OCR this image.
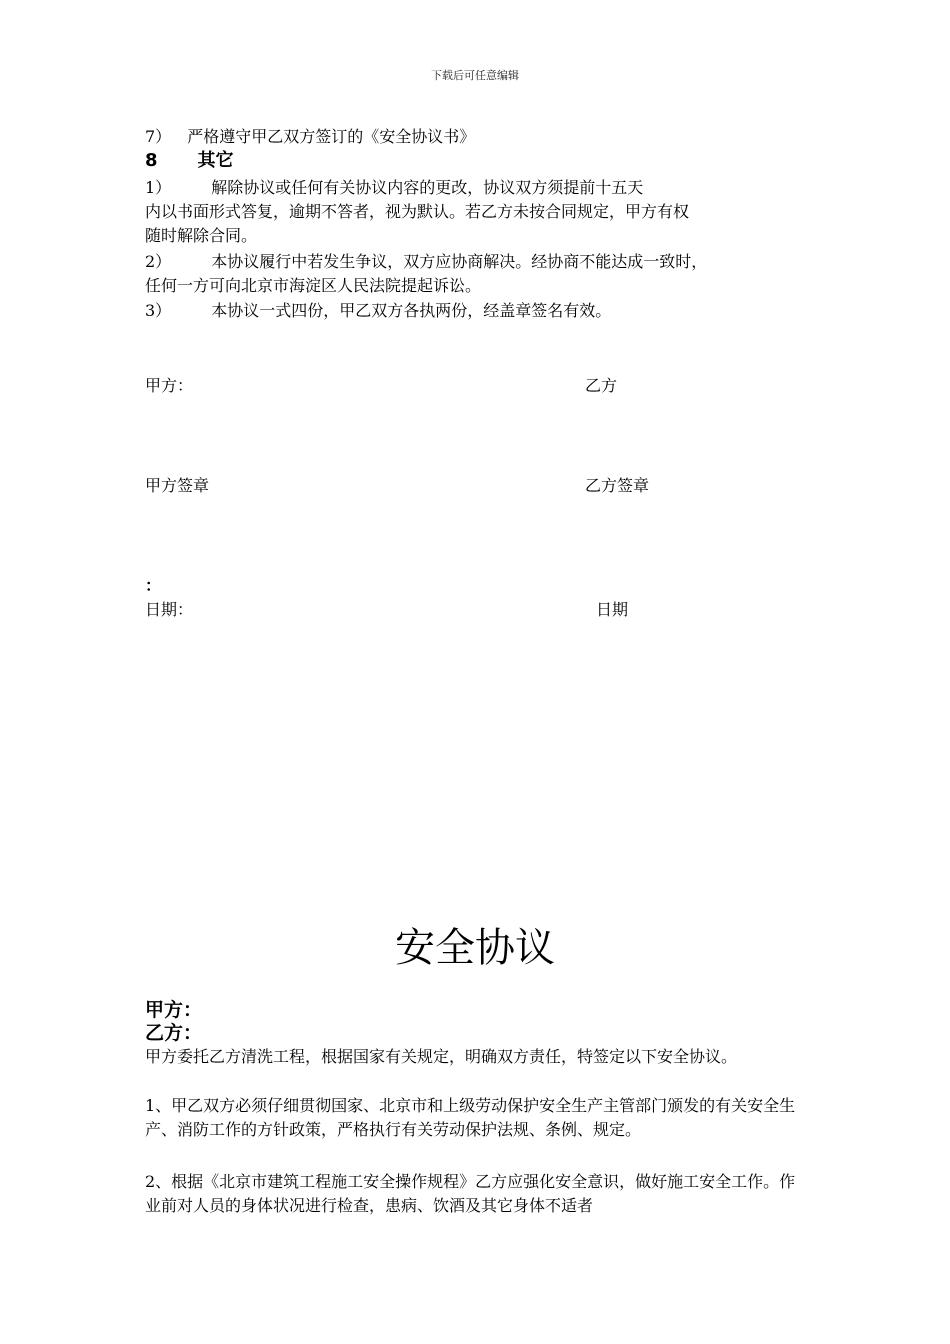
下载后可任意编辑
7） 严格遵守甲乙双方签订的《安全协议书》
8 其它
1）	解除协议或任何有关协议内容的更改，协议双方须提前十五天
内以书面形式答复，逾期不答者，视为默认。若乙方未按合同规定，甲方有权
随时解除合同。
2）	本协议履行中若发生争议，双方应协商解决。经协商不能达成一致时，
任何一方可向北京市海淀区人民法院提起诉讼。
3）	本协议一式四份，甲乙双方各执两份，经盖章签名有效。
甲方：	乙方
甲方签章	乙方签章
：
日期：	日期
安全协议
甲方：
乙方：
甲方委托乙方清洗工程，根据国家有关规定，明确双方责任，特签定以下安全协议。
1、甲乙双方必须仔细贯彻国家、北京市和上级劳动保护安全生产主管部门颁发的有关安全生产、消防工作的方针政策，严格执行有关劳动保护法规、条例、规定。
2、根据《北京市建筑工程施工安全操作规程》乙方应强化安全意识，做好施工安全工作。作业前对人员的身体状况进行检查，患病、饮酒及其它身体不适者
